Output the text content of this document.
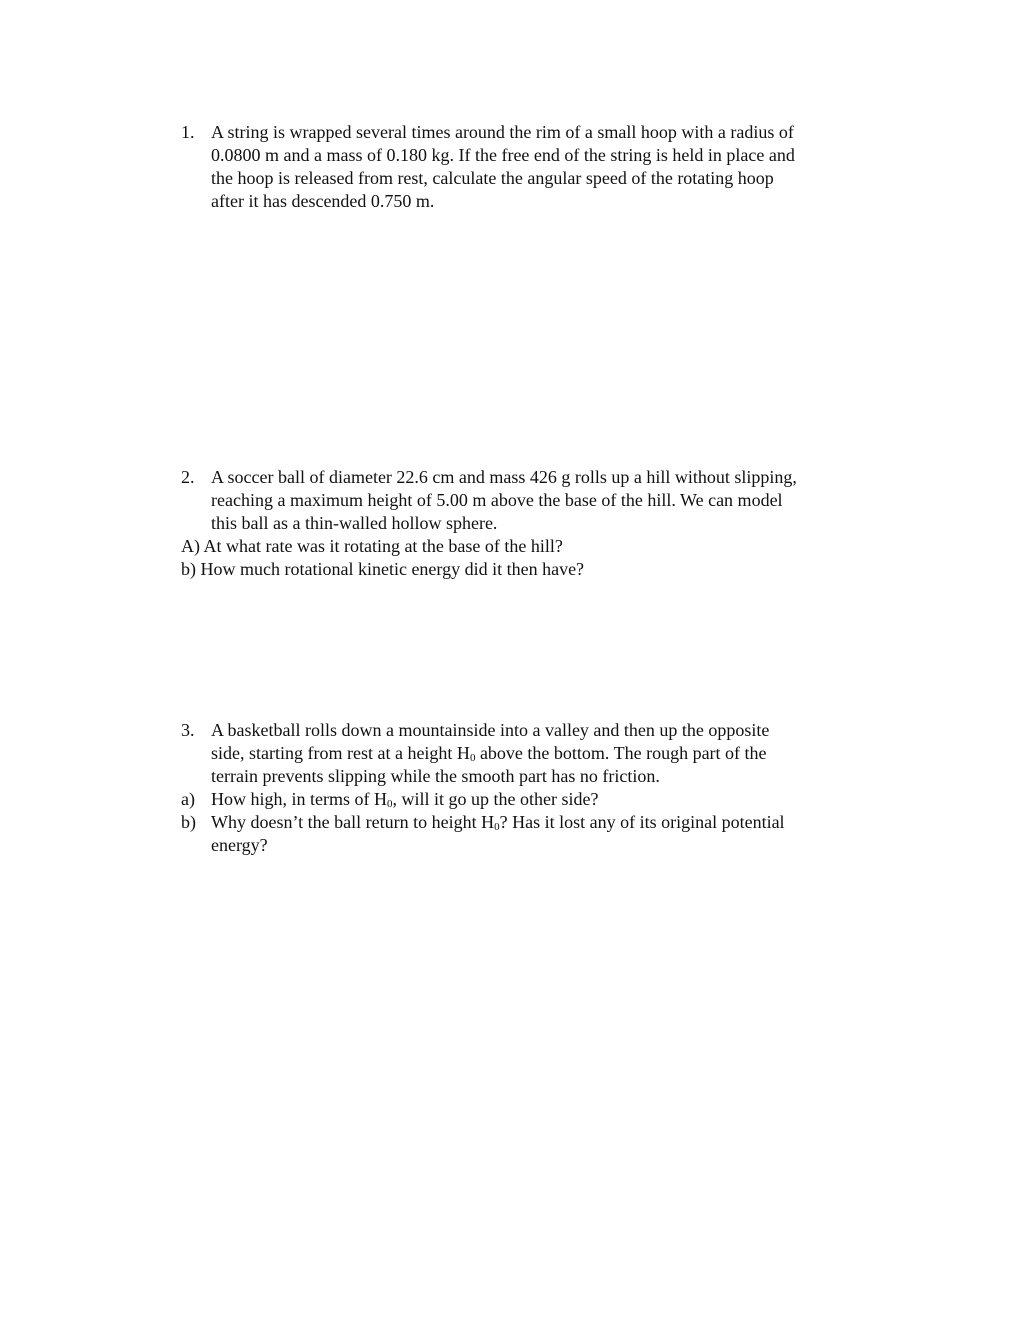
1. A string is wrapped several times around the rim of a small hoop with a radius of
0.0800 m and a mass of 0.180 kg. If the free end of the string is held in place and
the hoop is released from rest, calculate the angular speed of the rotating hoop
after it has descended 0.750 m.
2. A soccer ball of diameter 22.6 cm and mass 426 g rolls up a hill without slipping,
reaching a maximum height of 5.00 m above the base of the hill. We can model
this ball as a thin-walled hollow sphere.
A) At what rate was it rotating at the base of the hill?
b) How much rotational kinetic energy did it then have?
3. A basketball rolls down a mountainside into a valley and then up the opposite
side, starting from rest at a height $H_0$ above the bottom. The rough part of the
terrain prevents slipping while the smooth part has no friction.
a) How high, in terms of $H_0$, will it go up the other side?
b) Why doesn’t the ball return to height $H_0$? Has it lost any of its original potential
energy?
